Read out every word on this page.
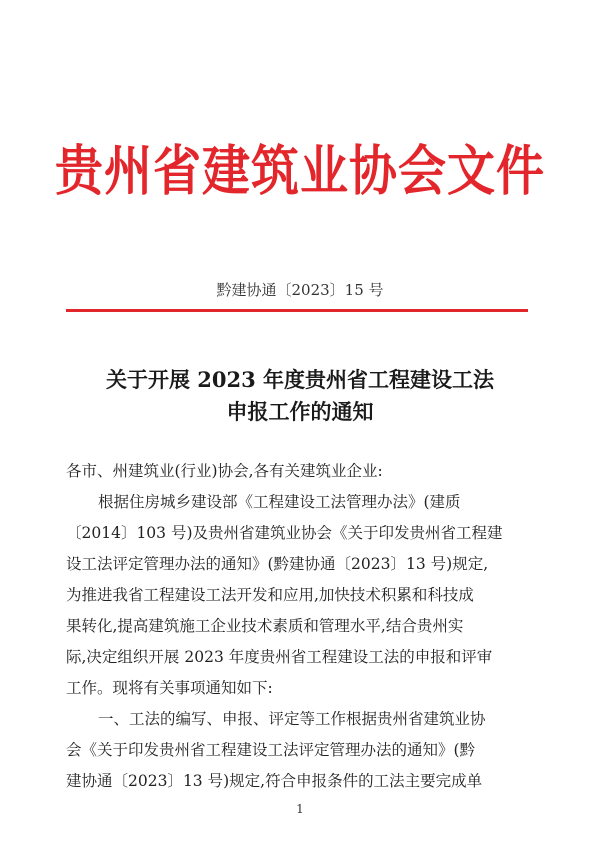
贵州省建筑业协会文件
黔建协通〔2023〕15 号
关于开展 2023 年度贵州省工程建设工法
申报工作的通知
各市、州建筑业(行业)协会,各有关建筑业企业:
根据住房城乡建设部《工程建设工法管理办法》(建质
〔2014〕103 号)及贵州省建筑业协会《关于印发贵州省工程建
设工法评定管理办法的通知》(黔建协通〔2023〕13 号)规定,
为推进我省工程建设工法开发和应用,加快技术积累和科技成
果转化,提高建筑施工企业技术素质和管理水平,结合贵州实
际,决定组织开展 2023 年度贵州省工程建设工法的申报和评审
工作。现将有关事项通知如下:
一、工法的编写、申报、评定等工作根据贵州省建筑业协
会《关于印发贵州省工程建设工法评定管理办法的通知》(黔
建协通〔2023〕13 号)规定,符合申报条件的工法主要完成单
1
